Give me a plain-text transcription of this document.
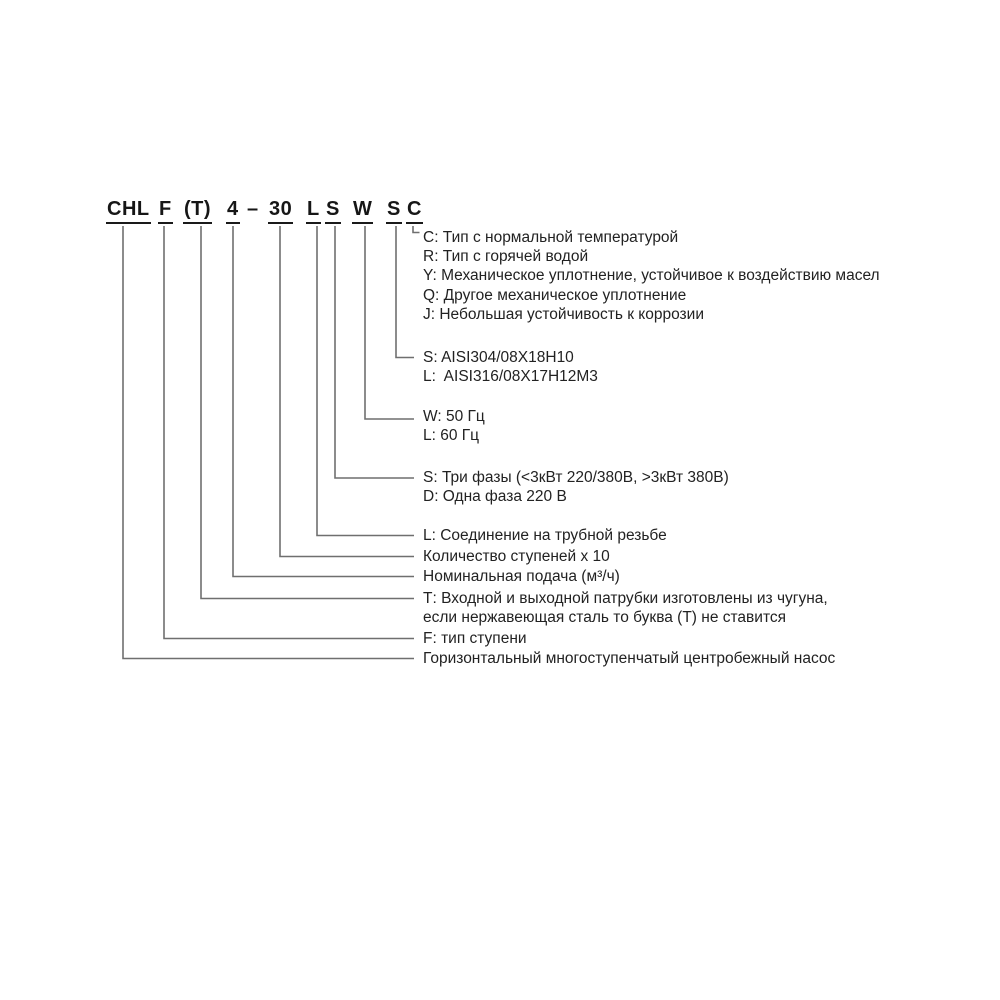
CHL F (T) 4 – 30 L S W S C
C: Тип с нормальной температурой
R: Тип с горячей водой
Y: Механическое уплотнение, устойчивое к воздействию масел
Q: Другое механическое уплотнение
J: Небольшая устойчивость к коррозии
S: AISI304/08X18H10
L:  AISI316/08X17H12M3
W: 50 Гц
L: 60 Гц
S: Три фазы (<3кВт 220/380В, >3кВт 380В)
D: Одна фаза 220 В
L: Соединение на трубной резьбе
Количество ступеней х 10
Номинальная подача (м³/ч)
Т: Входной и выходной патрубки изготовлены из чугуна,
если нержавеющая сталь то буква (Т) не ставится
F: тип ступени
Горизонтальный многоступенчатый центробежный насос
